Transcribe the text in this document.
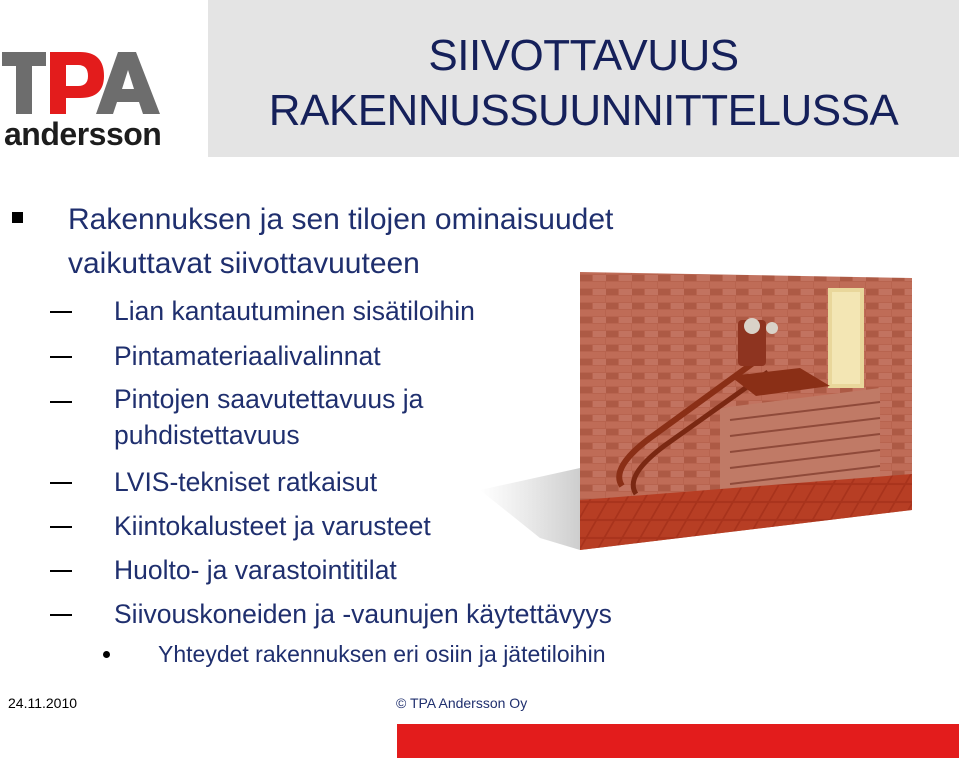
SIIVOTTAVUUS
RAKENNUSSUUNNITTELUSSA
andersson
Rakennuksen ja sen tilojen ominaisuudet vaikuttavat siivottavuuteen
Lian kantautuminen sisätiloihin
Pintamateriaalivalinnat
Pintojen saavutettavuus ja puhdistettavuus
LVIS-tekniset ratkaisut
Kiintokalusteet ja varusteet
Huolto- ja varastointitilat
Siivouskoneiden ja -vaunujen käytettävyys
Yhteydet rakennuksen eri osiin ja jätetiloihin
24.11.2010	© TPA Andersson Oy
